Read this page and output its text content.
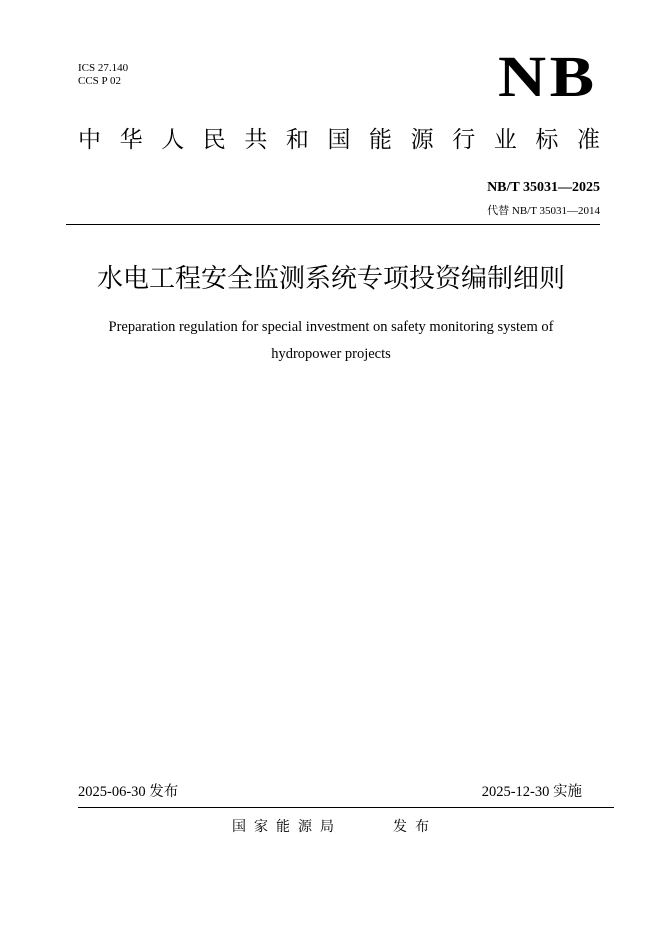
ICS 27.140
CCS P 02	NB
中 华 人 民 共 和 国 能 源 行 业 标 准
NB/T 35031—2025
代替 NB/T 35031—2014
水电工程安全监测系统专项投资编制细则
Preparation regulation for special investment on safety monitoring system of
hydropower projects
2025-06-30 发布	2025-12-30 实施
国家能源局	发布
